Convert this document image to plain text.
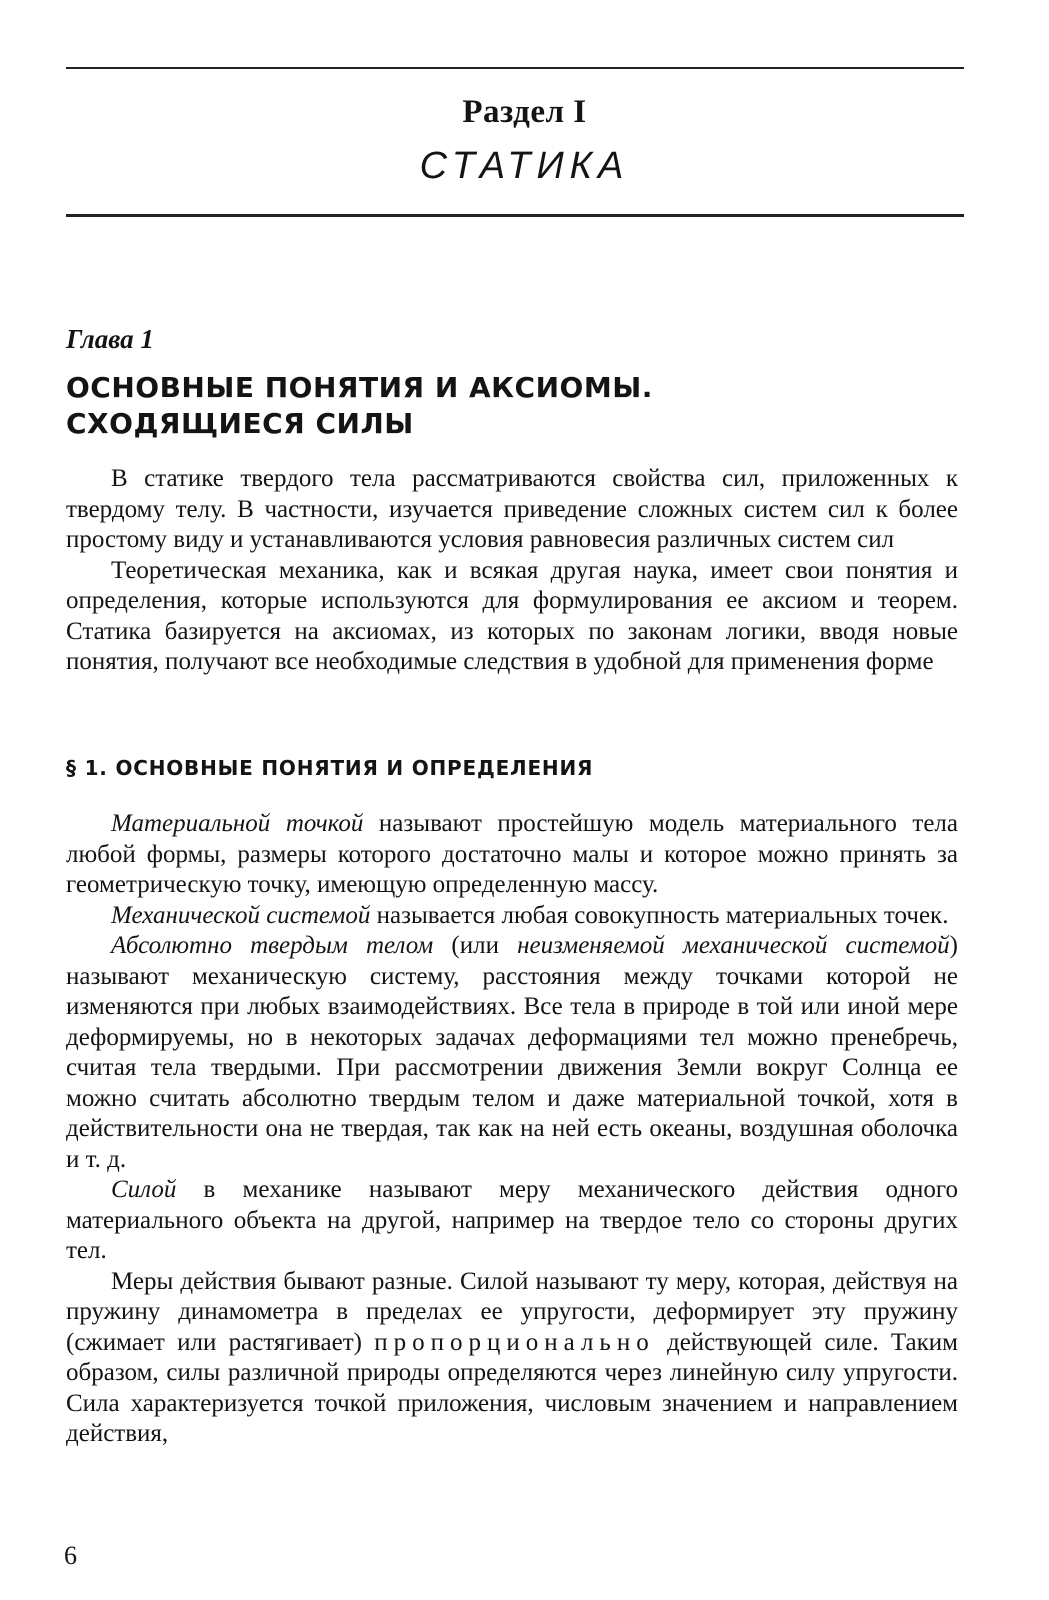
Раздел I
СТАТИКА
Глава 1
ОСНОВНЫЕ ПОНЯТИЯ И АКСИОМЫ.
СХОДЯЩИЕСЯ СИЛЫ

В статике твердого тела рассматриваются свойства сил, приложенных к твердому телу. В частности, изучается приведение сложных систем сил к более простому виду и устанавливаются условия равновесия различных систем сил

Теоретическая механика, как и всякая другая наука, имеет свои понятия и определения, которые используются для формулирования ее аксиом и теорем. Статика базируется на аксиомах, из которых по законам логики, вводя новые понятия, получают все необходимые следствия в удобной для применения форме

§ 1. ОСНОВНЫЕ ПОНЯТИЯ И ОПРЕДЕЛЕНИЯ

Материальной точкой называют простейшую модель материального тела любой формы, размеры которого достаточно малы и которое можно принять за геометрическую точку, имеющую определенную массу.

Механической системой называется любая совокупность материальных точек.

Абсолютно твердым телом (или неизменяемой механической системой) называют механическую систему, расстояния между точками которой не изменяются при любых взаимодействиях. Все тела в природе в той или иной мере деформируемы, но в некоторых задачах деформациями тел можно пренебречь, считая тела твердыми. При рассмотрении движения Земли вокруг Солнца ее можно считать абсолютно твердым телом и даже материальной точкой, хотя в действительности она не твердая, так как на ней есть океаны, воздушная оболочка и т. д.

Силой в механике называют меру механического действия одного материального объекта на другой, например на твердое тело со стороны других тел.

Меры действия бывают разные. Силой называют ту меру, которая, действуя на пружину динамометра в пределах ее упругости, деформирует эту пружину (сжимает или растягивает) пропорционально действующей силе. Таким образом, силы различной природы определяются через линейную силу упругости. Сила характеризуется точкой приложения, числовым значением и направлением действия,

6
